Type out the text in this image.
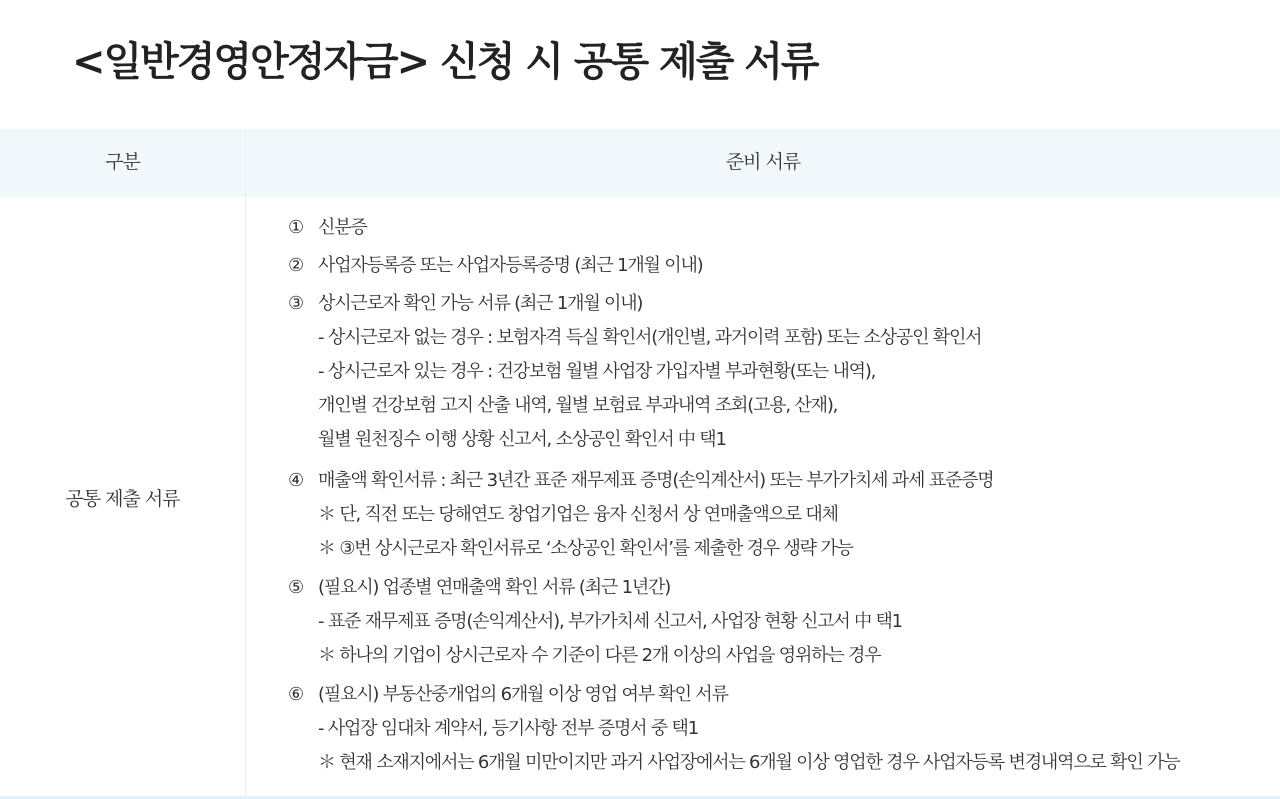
<일반경영안정자금> 신청 시 공통 제출 서류
구분	준비 서류
공통 제출 서류
① 신분증
② 사업자등록증 또는 사업자등록증명 (최근 1개월 이내)
③ 상시근로자 확인 가능 서류 (최근 1개월 이내)
- 상시근로자 없는 경우 : 보험자격 득실 확인서(개인별, 과거이력 포함) 또는 소상공인 확인서
- 상시근로자 있는 경우 : 건강보험 월별 사업장 가입자별 부과현황(또는 내역),
개인별 건강보험 고지 산출 내역, 월별 보험료 부과내역 조회(고용, 산재),
월별 원천징수 이행 상황 신고서, 소상공인 확인서 中 택1
④ 매출액 확인서류 : 최근 3년간 표준 재무제표 증명(손익계산서) 또는 부가가치세 과세 표준증명
＊ 단, 직전 또는 당해연도 창업기업은 융자 신청서 상 연매출액으로 대체
＊ ③번 상시근로자 확인서류로 ‘소상공인 확인서’를 제출한 경우 생략 가능
⑤ (필요시) 업종별 연매출액 확인 서류 (최근 1년간)
- 표준 재무제표 증명(손익계산서), 부가가치세 신고서, 사업장 현황 신고서 中 택1
＊ 하나의 기업이 상시근로자 수 기준이 다른 2개 이상의 사업을 영위하는 경우
⑥ (필요시) 부동산중개업의 6개월 이상 영업 여부 확인 서류
- 사업장 임대차 계약서, 등기사항 전부 증명서 중 택1
＊ 현재 소재지에서는 6개월 미만이지만 과거 사업장에서는 6개월 이상 영업한 경우 사업자등록 변경내역으로 확인 가능
